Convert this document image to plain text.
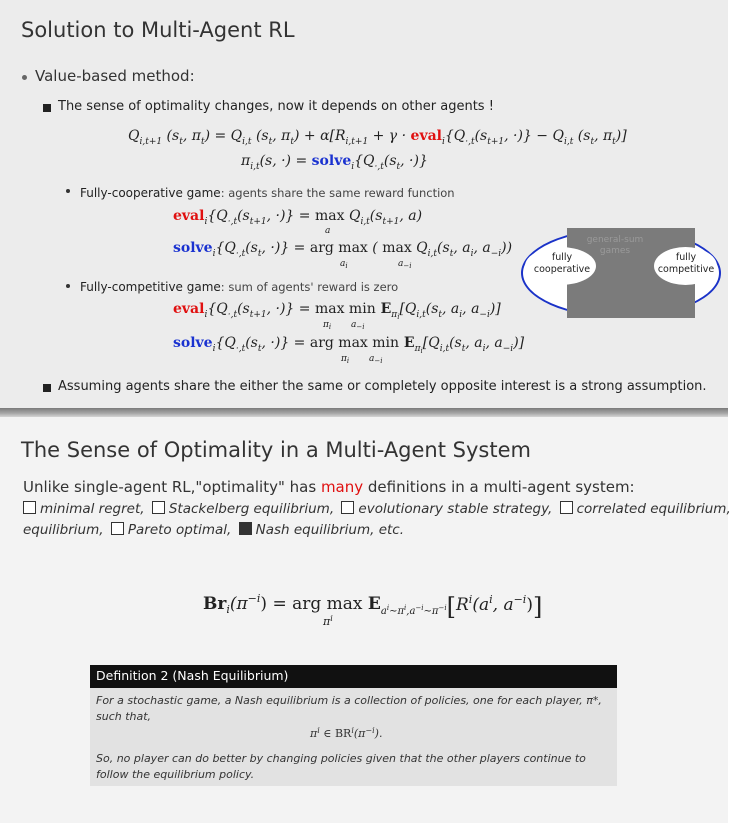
Solution to Multi-Agent RL
Value-based method:
The sense of optimality changes, now it depends on other agents !
$Q_{i,t+1}$ ($s_t$, $\pi_t) = Q_{i,t}$ ($s_t$, $\pi_t) + \alpha[R_{i,t+1} + \gamma$ · $eval_i\{Q_{\cdot,t}(s_{t+1}$, ·)} − $Q_{i,t}$ ($s_t$, $\pi_t$)]
$\pi_{i,t}(s$, ·) = $solve_i\{Q_{\cdot,t}(s_t$, ·)}
Fully-cooperative game: agents share the same reward function
$eval_i\{Q_{\cdot,t}(s_{t+1}$, ·)} = $\max Q_{i,t}(s_{t+1}$, a)
a
$solve_i\{Q_{\cdot,t}(s_t$, ·)} = arg max ( $\max Q_{i,t}(s_t$, $a_i$, $a_{-i}$))
$a_i$	$a_{-i}$
Fully-competitive game: sum of agents' reward is zero
$eval_i\{Q_{\cdot,t}(s_{t+1}$, ·)} = $\max \min E_\pi i[Q_{i,t}(s_t$, $a_i$, $a_{-i}$)]
$\pi_i$ $a_{-i}$
$solve_i\{Q_{\cdot,t}(s_t$, ·)} = arg $\max \min E_\pi i[Q_{i,t}(s_t$, $a_i$, $a_{-i}$)]
$\pi_i$ $a_{-i}$
general-sum games
fully cooperative
fully competitive
Assuming agents share the either the same or completely opposite interest is a strong assumption.
The Sense of Optimality in a Multi-Agent System
Unlike single-agent RL,"optimality" has many definitions in a multi-agent system:
minimal regret, Stackelberg equilibrium, evolutionary stable strategy, correlated equilibrium,
equilibrium, Pareto optimal, Nash equilibrium, etc.
$Br_i(\pi^{-i})$ = arg $\max E_a^i_{\sim\pi}^i_{,a}^{-i}_{\sim\pi}^{-i}[R^i(a^i$, $a^{-i}$)]
$\pi^i$
Definition 2 (Nash Equilibrium)
For a stochastic game, a Nash equilibrium is a collection of policies, one for each player, π*,
such that,
$\pi^i$ ∈ $BR^i(\pi^{-i})$.
So, no player can do better by changing policies given that the other players continue to
follow the equilibrium policy.
